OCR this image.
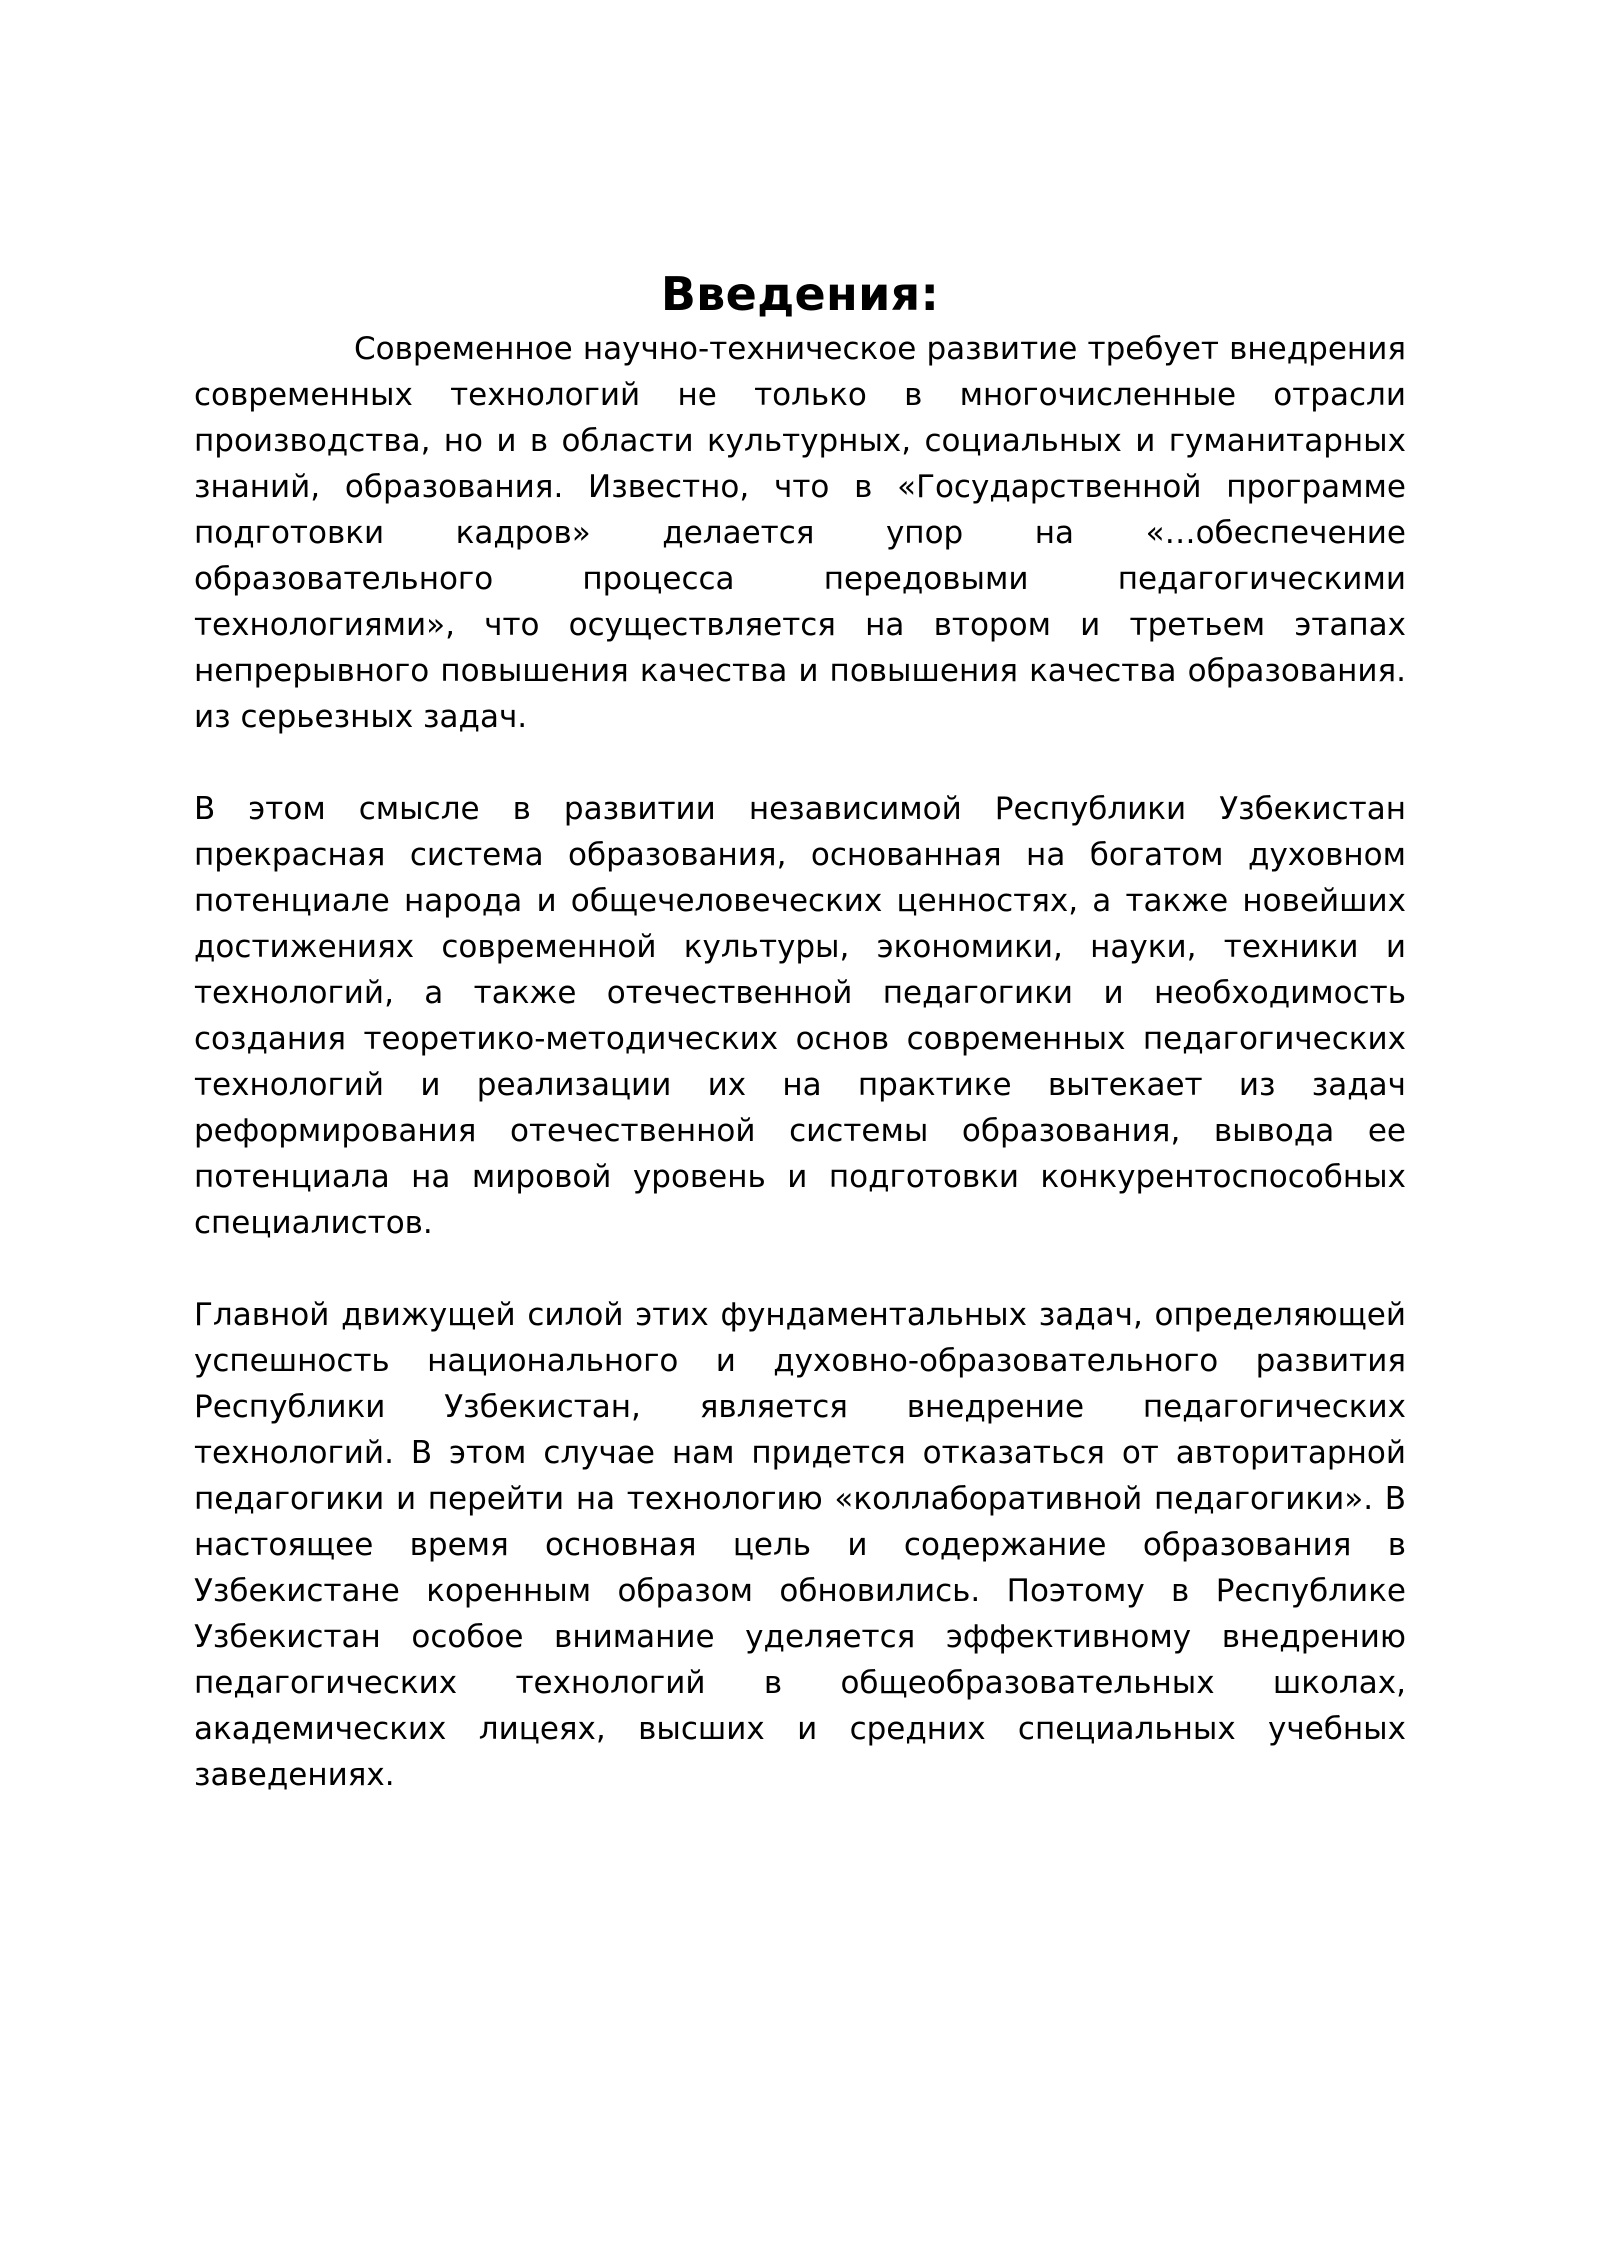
Введения:

Современное научно-техническое развитие требует внедрения современных технологий не только в многочисленные отрасли производства, но и в области культурных, социальных и гуманитарных знаний, образования. Известно, что в «Государственной программе подготовки кадров» делается упор на «…обеспечение образовательного процесса передовыми педагогическими технологиями», что осуществляется на втором и третьем этапах непрерывного повышения качества и повышения качества образования. из серьезных задач.

В этом смысле в развитии независимой Республики Узбекистан прекрасная система образования, основанная на богатом духовном потенциале народа и общечеловеческих ценностях, а также новейших достижениях современной культуры, экономики, науки, техники и технологий, а также отечественной педагогики и необходимость создания теоретико-методических основ современных педагогических технологий и реализации их на практике вытекает из задач реформирования отечественной системы образования, вывода ее потенциала на мировой уровень и подготовки конкурентоспособных специалистов.

Главной движущей силой этих фундаментальных задач, определяющей успешность национального и духовно-образовательного развития Республики Узбекистан, является внедрение педагогических технологий. В этом случае нам придется отказаться от авторитарной педагогики и перейти на технологию «коллаборативной педагогики». В настоящее время основная цель и содержание образования в Узбекистане коренным образом обновились. Поэтому в Республике Узбекистан особое внимание уделяется эффективному внедрению педагогических технологий в общеобразовательных школах, академических лицеях, высших и средних специальных учебных заведениях.
